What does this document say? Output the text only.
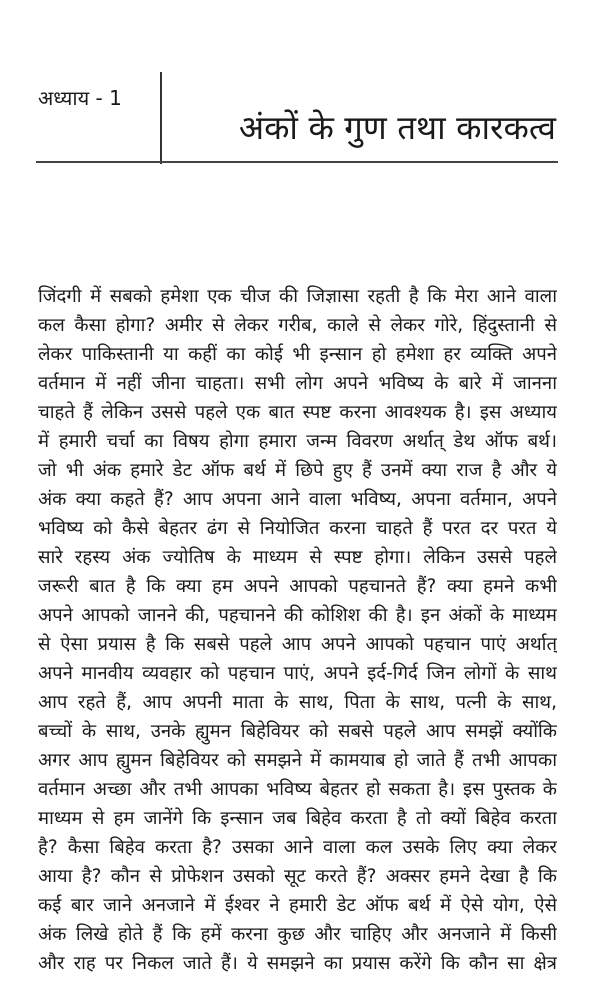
अध्याय - 1
अंकों के गुण तथा कारकत्व
जिंदगी में सबको हमेशा एक चीज की जिज्ञासा रहती है कि मेरा आने वाला
कल कैसा होगा? अमीर से लेकर गरीब, काले से लेकर गोरे, हिंदुस्तानी से
लेकर पाकिस्तानी या कहीं का कोई भी इन्सान हो हमेशा हर व्यक्ति अपने
वर्तमान में नहीं जीना चाहता। सभी लोग अपने भविष्य के बारे में जानना
चाहते हैं लेकिन उससे पहले एक बात स्पष्ट करना आवश्यक है। इस अध्याय
में हमारी चर्चा का विषय होगा हमारा जन्म विवरण अर्थात् डेथ ऑफ बर्थ।
जो भी अंक हमारे डेट ऑफ बर्थ में छिपे हुए हैं उनमें क्या राज है और ये
अंक क्या कहते हैं? आप अपना आने वाला भविष्य, अपना वर्तमान, अपने
भविष्य को कैसे बेहतर ढंग से नियोजित करना चाहते हैं परत दर परत ये
सारे रहस्य अंक ज्योतिष के माध्यम से स्पष्ट होगा। लेकिन उससे पहले
जरूरी बात है कि क्या हम अपने आपको पहचानते हैं? क्या हमने कभी
अपने आपको जानने की, पहचानने की कोशिश की है। इन अंकों के माध्यम
से ऐसा प्रयास है कि सबसे पहले आप अपने आपको पहचान पाएं अर्थात्
अपने मानवीय व्यवहार को पहचान पाएं, अपने इर्द-गिर्द जिन लोगों के साथ
आप रहते हैं, आप अपनी माता के साथ, पिता के साथ, पत्नी के साथ,
बच्चों के साथ, उनके ह्युमन बिहेवियर को सबसे पहले आप समझें क्योंकि
अगर आप ह्युमन बिहेवियर को समझने में कामयाब हो जाते हैं तभी आपका
वर्तमान अच्छा और तभी आपका भविष्य बेहतर हो सकता है। इस पुस्तक के
माध्यम से हम जानेंगे कि इन्सान जब बिहेव करता है तो क्यों बिहेव करता
है? कैसा बिहेव करता है? उसका आने वाला कल उसके लिए क्या लेकर
आया है? कौन से प्रोफेशन उसको सूट करते हैं? अक्सर हमने देखा है कि
कई बार जाने अनजाने में ईश्वर ने हमारी डेट ऑफ बर्थ में ऐसे योग, ऐसे
अंक लिखे होते हैं कि हमें करना कुछ और चाहिए और अनजाने में किसी
और राह पर निकल जाते हैं। ये समझने का प्रयास करेंगे कि कौन सा क्षेत्र
